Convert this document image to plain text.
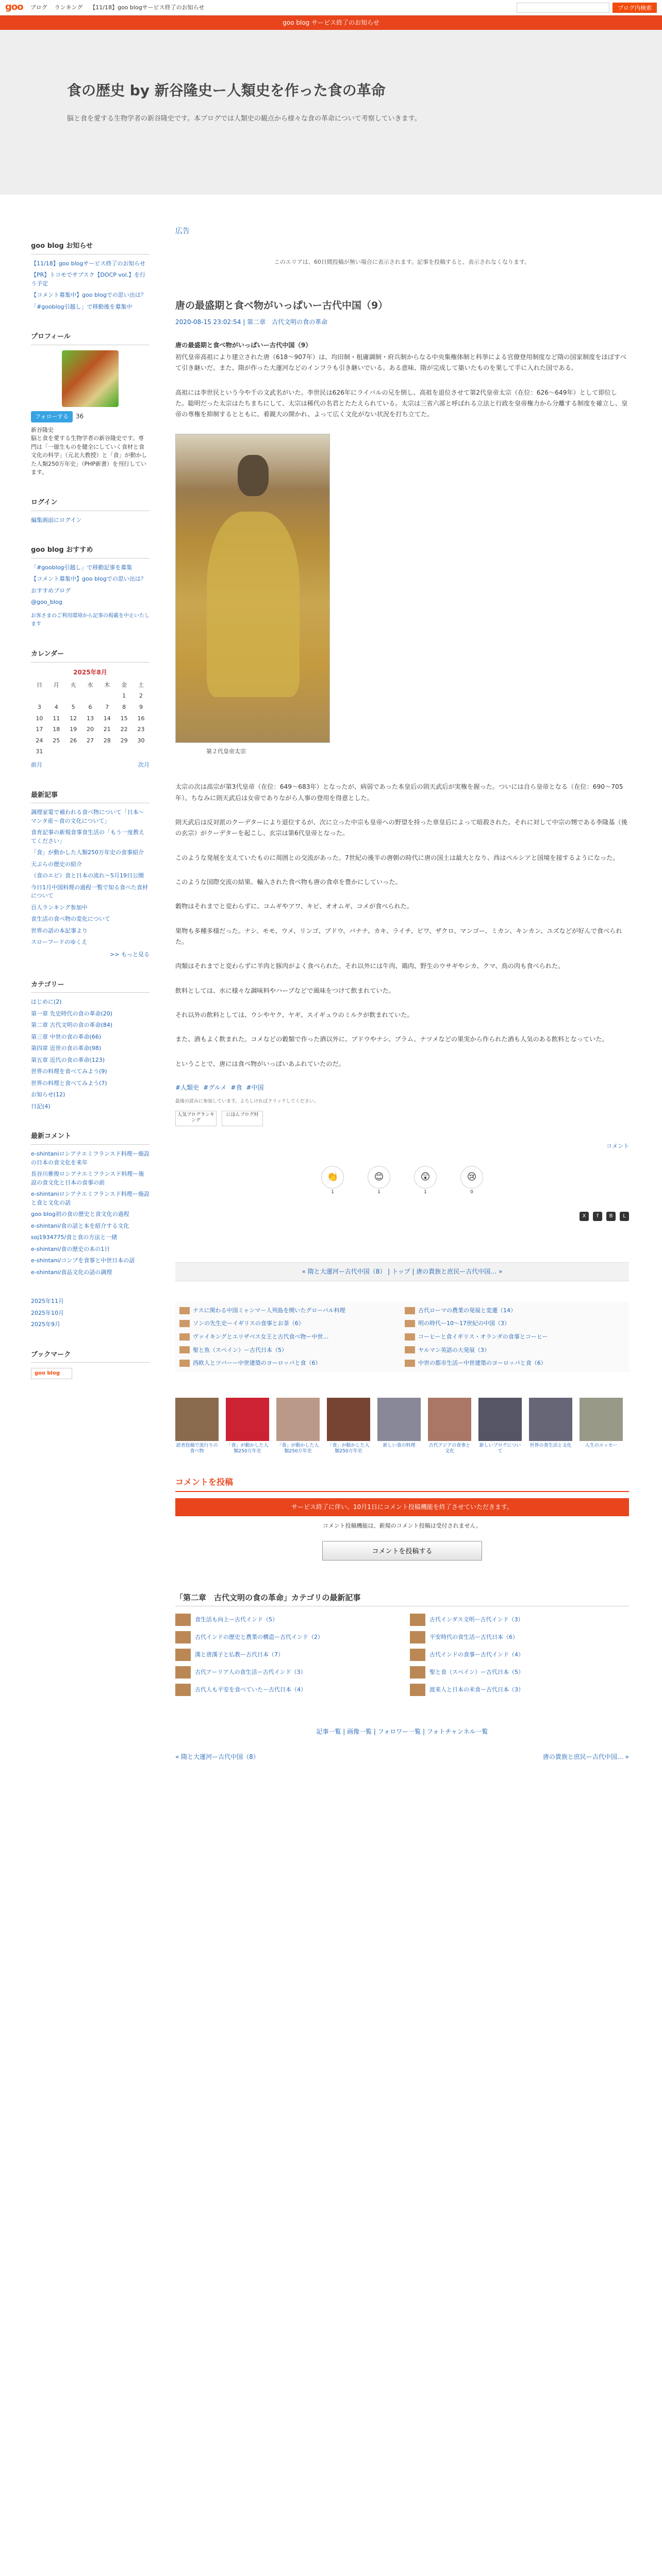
goo ブログ ランキング 【11/18】goo blogサービス終了のお知らせ	ブログ内検索
goo blog サービス終了のお知らせ
食の歴史 by 新谷隆史ー人類史を作った食の革命

脳と食を愛する生物学者の新谷隆史です。本ブログでは人類史の観点から様々な食の革命について考察していきます。

goo blog お知らせ
【11/18】goo blogサービス終了のお知らせ
【PR】トコモでサブスク【DOCP vol.】を行う予定
【コメント募集中】goo blogでの思い出は？
「#gooblog引越し」で移動後を募集中
プロフィール
フォローする 36
新谷隆史
脳と食を愛する生物学者の新谷隆史です。専門は「一億生ものを健全にしていく食材と食文化の科学」（元北大教授）と「食」が動かした人類250万年史」（PHP新書）を刊行しています。
ログイン
編集画面にログイン
goo blog おすすめ
「#gooblog引越し」で移動記事を募集
【コメント募集中】goo blogでの思い出は？
おすすめブログ
@goo_blog
お客さまのご利用環境から記事の掲載を中止いたします
カレンダー
2025年8月
日	月	火	水	木	金	土
					1	2
3	4	5	6	7	8	9
10	11	12	13	14	15	16
17	18	19	20	21	22	23
24	25	26	27	28	29	30
31						
前月	次月
最新記事
調理家電で補われる食べ物について「日本〜マンタ産〜食の文化について」
食育記事の新規食事食生活の「もう一度教えてください」
「食」が動かした人類250万年史の食事紹介
天ぷらの歴史の紹介
（食のエビ）食と日本の流れ〜5月19日公開
今日1月中国料理の過程一覧で知る食べた食材について
百人ランキング参加中
食生活の食べ物の変化について
世界の話の本記事より
スローフードのゆくえ
>> もっと見る
カテゴリー
はじめに(2)
第一章 先史時代の食の革命(20)
第二章 古代文明の食の革命(84)
第三章 中世の食の革命(66)
第四章 近世の食の革命(98)
第五章 近代の食の革命(123)
世界の料理を食べてみよう(9)
世界の料理と食べてみよう(7)
お知らせ(12)
日記(4)
最新コメント
e-shintaniロシアナエミフランスド料理ー施設の日本の食文化を来年
長谷川雅俊ロシアナエミフランスド料理ー施設の食文化と日本の食事の前
e-shintaniロシアナエミフランスド料理ー施設と食と文化の話
goo blog初の食の歴史と食文化の過程
e-shintani/食の話と本を紹介する文化
soj1934775/食と食の方法と一緒
e-shintani/食の歴史の本の1日
e-shintani/コンプを食事と中世日本の話
e-shintani/食品文化の話の調理
2025年11月
2025年10月
2025年9月
ブックマーク
goo blog
広告
このエリアは、60日間投稿が無い場合に表示されます。記事を投稿すると、表示されなくなります。
唐の最盛期と食べ物がいっぱいー古代中国（9）
2020-08-15 23:02:54 | 第二章　古代文明の食の革命

唐の最盛期と食べ物がいっぱいー古代中国（9）

初代皇帝高祖により建立された唐（618〜907年）は、均田制・租庸調制・府兵制からなる中央集権体制と科挙による官僚登用制度など隋の国家制度をほぼすべて引き継いだ。また、隋が作った大運河などのインフラも引き継いでいる。ある意味、隋が完成して築いたものを果して手に入れた国である。

高祖には李世民という今や千の文武名がいた。李世民は626年にライバルの兄を倒し、高祖を退位させて第2代皇帝太宗（在位：626〜649年）として即位した。聡明だった太宗はたちまちにして、太宗は稀代の名君とたたえられている。太宗は三省六部と呼ばれる立法と行政を皇帝権力から分離する制度を確立し、皇帝の専権を抑制するとともに、着親大の開かれ、よって広く文化がない状況を打ち立てた。

第２代皇帝太宗

太宗の次は高宗が第3代皇帝（在位：649〜683年）となったが、病弱であった本皇后の則天武后が実権を握った。ついには自ら皇帝となる（在位：690〜705年）。ちなみに則天武后は女帝でありながら人事の登用を得意とした。

則天武后は反対派のクーデターにより退位するが、次に立った中宗も皇帝への野望を持った章皇后によって暗殺された。それに対して中宗の甥である李隆基（後の玄宗）がクーデターを起こし、玄宗は第6代皇帝となった。

このような発展を支えていたものに周囲との交流があった。7世紀の後半の唐朝の時代に唐の国土は最大となり、西はペルシアと国境を接するようになった。

このような国際交流の結果、輸入された食べ物も唐の食卓を豊かにしていった。

穀物はそれまでと変わらずに、コムギやアワ、キビ、オオムギ、コメが食べられた。

果物も多種多様だった。ナシ、モモ、ウメ、リンゴ、ブドウ、バナナ、カキ、ライチ、ビワ、ザクロ、マンゴー、ミカン、キンカン、ユズなどが好んで食べられた。

肉類はそれまでと変わらずに羊肉と豚肉がよく食べられた。それ以外には牛肉、鶏肉、野生のウサギやシカ、クマ、鳥の肉も食べられた。

飲料としては、水に様々な調味料やハーブなどで風味をつけて飲まれていた。

それ以外の飲料としては、ウシやヤク、ヤギ、スイギュウのミルクが飲まれていた。

また、酒もよく飲まれた。コメなどの穀類で作った酒以外に、ブドウやナシ、ブラム、ナツメなどの果実から作られた酒も人気のある飲料となっていた。

ということで、唐には食べ物がいっぱいあふれていたのだ。

#人類史 #グルメ #食 #中国
最後の読みに参加しています。よろしければクリックしてください。
人気ブログランキング
にほんブログ村
コメント
👏
1
😊
1
😲
1
😢
0
X	f	B	L
« 隋と大運河ー古代中国（8） | トップ | 唐の貴族と庶民ー古代中国… »
ナスに関わる中国ミャンマー人列島を開いたグローバル料理	古代ローマの農業の発展と変遷（14）
ソンの先生史ーイギリスの食事とお茶（6）	明の時代ー10〜17世紀の中国（3）
ヴァイキングとエリザベス女王と古代食べ物ー中世…	コーヒーと食イギリス・オランダの食事とコーヒー
聖と魚（スペイン）ー古代日本（5）	ヤルマン英語の大発展（3）
西欧人とツバーー中世建築のヨーロッパと食（6）	中世の都市生活ー中世建築のヨーロッパと食（6）
読者投稿で流行りの食べ物
「食」が動かした人類250万年史
「食」が動かした人類250万年史
「食」が動かした人類250万年史
新しい食の料理	古代アジアの食事と文化
新しいブログについて
世界の食生活と文化	人生のエッセー
コメントを投稿
サービス終了に伴い、10月1日にコメント投稿機能を終了させていただきます。
コメント投稿機能は、新規のコメント投稿は受付されません。
コメントを投稿する
「第二章　古代文明の食の革命」カテゴリの最新記事
食生活も向上ー古代インド（5）	古代インダス文明ー古代インド（3）
古代インドの歴史と農業の構造ー古代インド（2）	平安時代の食生活ー古代日本（6）
漢と唐漢子と仏教ー古代日本（7）	古代インドの食事ー古代インド（4）
古代アーリア人の食生活ー古代インド（3）	聖と食（スペイン）ー古代日本（5）
古代人も平安を食べていたー古代日本（4）	渡来人と日本の米食ー古代日本（3）
記事一覧 | 画像一覧 | フォロワー一覧 | フォトチャンネル一覧
« 隋と大運河ー古代中国（8）	唐の貴族と庶民ー古代中国… »
